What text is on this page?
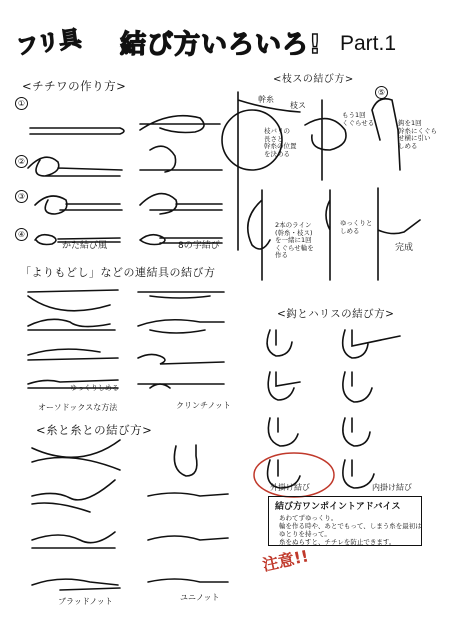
フリ具 結び方いろいろ! Part.1
<チチワの作り方>	<枝スの結び方>
「よりもどし」などの連結具の結び方
<鈎とハリスの結び方>
<糸と糸との結び方>
①
②
③
④
⑤
かた結び風	8の字結び
幹糸
枝ス
枝バリの
長さと
幹糸の位置
を決める
もう1回
くぐらせる	鈎を1回
幹糸にくぐら
せ横に引い
しめる
2本のライン
(幹糸・枝ス)
を一緒に1回
くぐらせ輪を
作る
ゆっくりと
しめる
完成
ゆっくりしめる
オーソドックスな方法	クリンチノット
ブラッドノット	ユニノット
外掛け結び	内掛け結び
結び方ワンポイントアドバイス
あわてずゆっくり。
輪を作る時や、あとでもって、しまう糸を最初は
ゆとりを持って。
糸をぬらすと、チチレを防止できます。
注意!!
